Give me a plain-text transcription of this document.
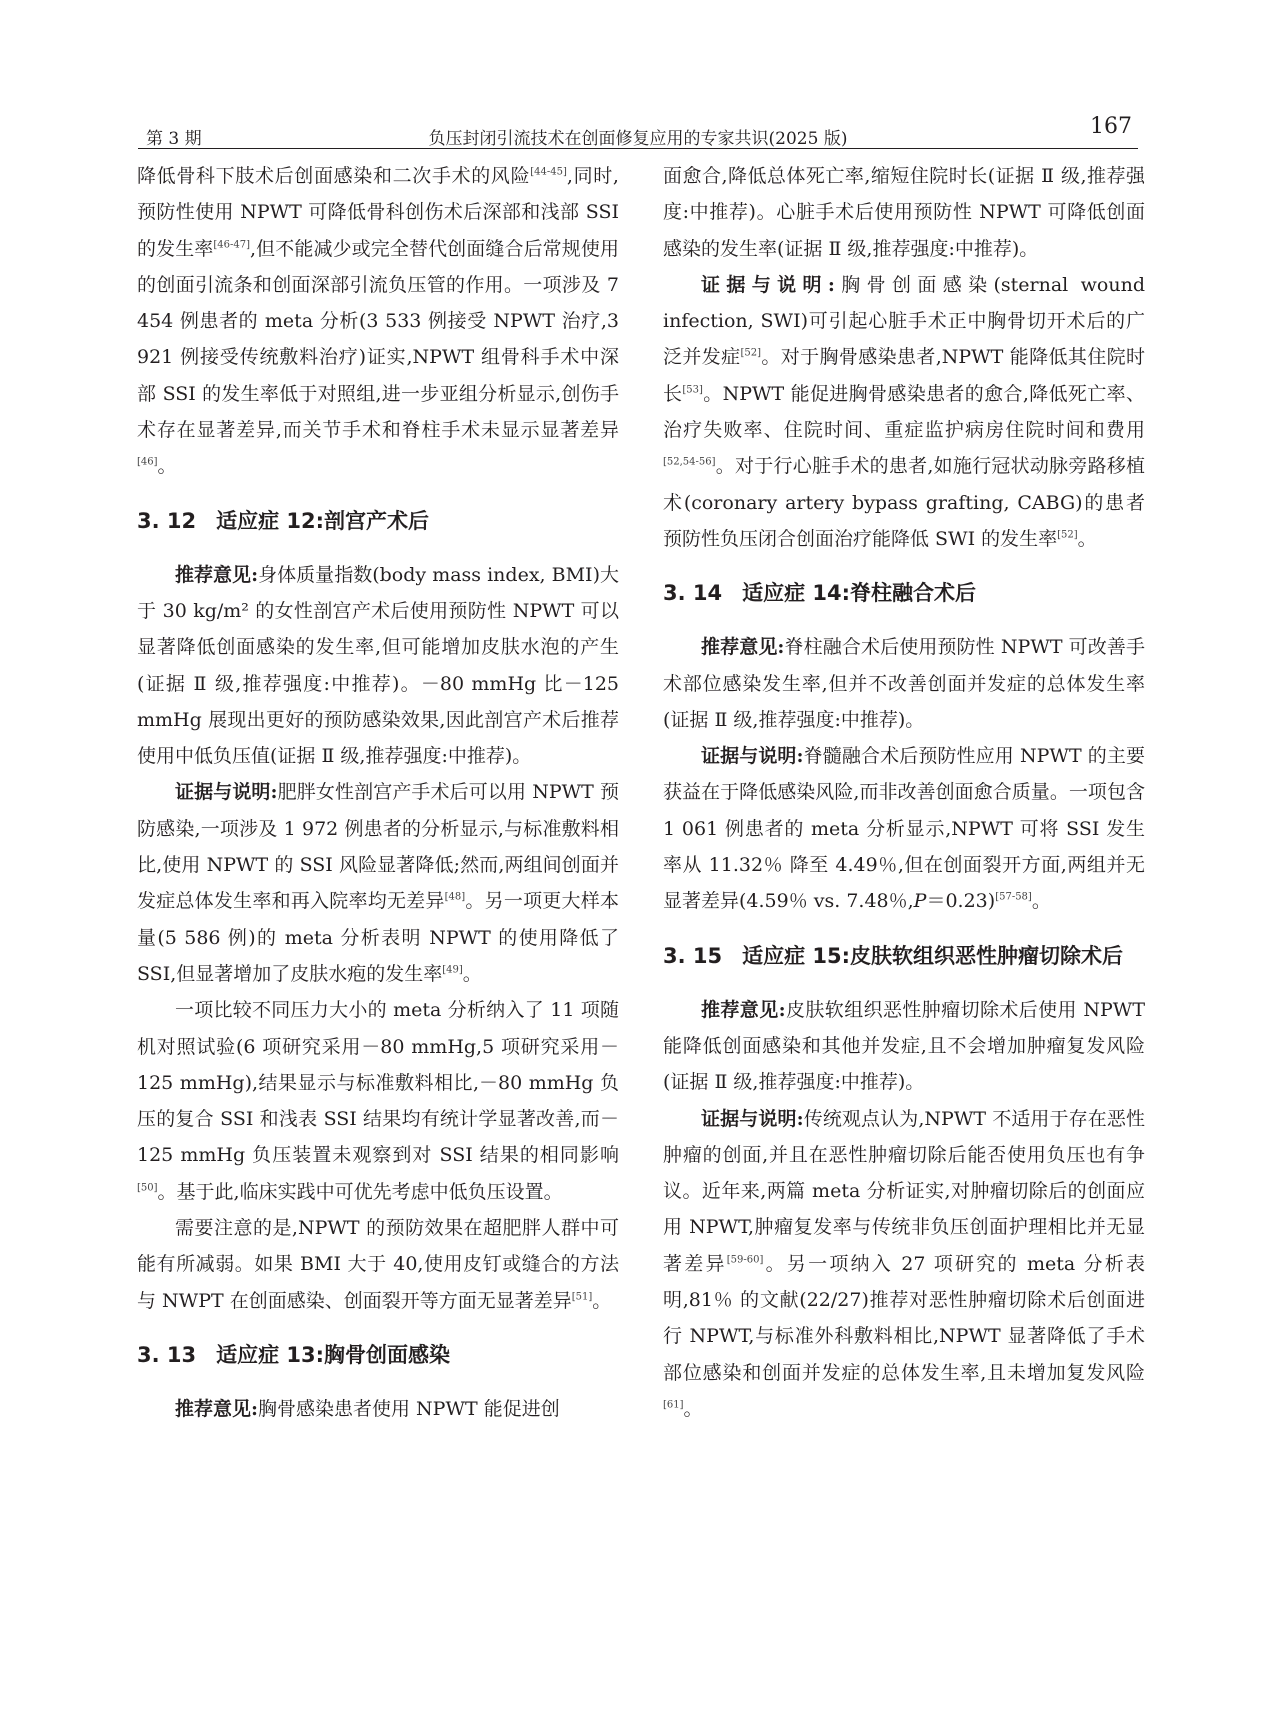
第 3 期	负压封闭引流技术在创面修复应用的专家共识(2025 版)	167

降低骨科下肢术后创面感染和二次手术的风险[44-45],同时,预防性使用 NPWT 可降低骨科创伤术后深部和浅部 SSI 的发生率[46-47],但不能减少或完全替代创面缝合后常规使用的创面引流条和创面深部引流负压管的作用。一项涉及 7 454 例患者的 meta 分析(3 533 例接受 NPWT 治疗,3 921 例接受传统敷料治疗)证实,NPWT 组骨科手术中深部 SSI 的发生率低于对照组,进一步亚组分析显示,创伤手术存在显著差异,而关节手术和脊柱手术未显示显著差异[46]。

3. 12 适应症 12:剖宫产术后

推荐意见:身体质量指数(body mass index, BMI)大于 30 kg/m² 的女性剖宫产术后使用预防性 NPWT 可以显著降低创面感染的发生率,但可能增加皮肤水泡的产生(证据 Ⅱ 级,推荐强度:中推荐)。－80 mmHg 比－125 mmHg 展现出更好的预防感染效果,因此剖宫产术后推荐使用中低负压值(证据 Ⅱ 级,推荐强度:中推荐)。

证据与说明:肥胖女性剖宫产手术后可以用 NPWT 预防感染,一项涉及 1 972 例患者的分析显示,与标准敷料相比,使用 NPWT 的 SSI 风险显著降低;然而,两组间创面并发症总体发生率和再入院率均无差异[48]。另一项更大样本量(5 586 例)的 meta 分析表明 NPWT 的使用降低了 SSI,但显著增加了皮肤水疱的发生率[49]。

一项比较不同压力大小的 meta 分析纳入了 11 项随机对照试验(6 项研究采用－80 mmHg,5 项研究采用－125 mmHg),结果显示与标准敷料相比,－80 mmHg 负压的复合 SSI 和浅表 SSI 结果均有统计学显著改善,而－125 mmHg 负压装置未观察到对 SSI 结果的相同影响[50]。基于此,临床实践中可优先考虑中低负压设置。

需要注意的是,NPWT 的预防效果在超肥胖人群中可能有所减弱。如果 BMI 大于 40,使用皮钉或缝合的方法与 NWPT 在创面感染、创面裂开等方面无显著差异[51]。

3. 13 适应症 13:胸骨创面感染

推荐意见:胸骨感染患者使用 NPWT 能促进创

面愈合,降低总体死亡率,缩短住院时长(证据 Ⅱ 级,推荐强度:中推荐)。心脏手术后使用预防性 NPWT 可降低创面感染的发生率(证据 Ⅱ 级,推荐强度:中推荐)。

证据与说明:胸骨创面感染(sternal wound infection, SWI)可引起心脏手术正中胸骨切开术后的广泛并发症[52]。对于胸骨感染患者,NPWT 能降低其住院时长[53]。NPWT 能促进胸骨感染患者的愈合,降低死亡率、治疗失败率、住院时间、重症监护病房住院时间和费用[52,54-56]。对于行心脏手术的患者,如施行冠状动脉旁路移植术(coronary artery bypass grafting, CABG)的患者预防性负压闭合创面治疗能降低 SWI 的发生率[52]。

3. 14 适应症 14:脊柱融合术后

推荐意见:脊柱融合术后使用预防性 NPWT 可改善手术部位感染发生率,但并不改善创面并发症的总体发生率(证据 Ⅱ 级,推荐强度:中推荐)。

证据与说明:脊髓融合术后预防性应用 NPWT 的主要获益在于降低感染风险,而非改善创面愈合质量。一项包含 1 061 例患者的 meta 分析显示,NPWT 可将 SSI 发生率从 11.32％ 降至 4.49％,但在创面裂开方面,两组并无显著差异(4.59％ vs. 7.48％,P＝0.23)[57-58]。

3. 15 适应症 15:皮肤软组织恶性肿瘤切除术后

推荐意见:皮肤软组织恶性肿瘤切除术后使用 NPWT 能降低创面感染和其他并发症,且不会增加肿瘤复发风险(证据 Ⅱ 级,推荐强度:中推荐)。

证据与说明:传统观点认为,NPWT 不适用于存在恶性肿瘤的创面,并且在恶性肿瘤切除后能否使用负压也有争议。近年来,两篇 meta 分析证实,对肿瘤切除后的创面应用 NPWT,肿瘤复发率与传统非负压创面护理相比并无显著差异[59-60]。另一项纳入 27 项研究的 meta 分析表明,81％ 的文献(22/27)推荐对恶性肿瘤切除术后创面进行 NPWT,与标准外科敷料相比,NPWT 显著降低了手术部位感染和创面并发症的总体发生率,且未增加复发风险[61]。
